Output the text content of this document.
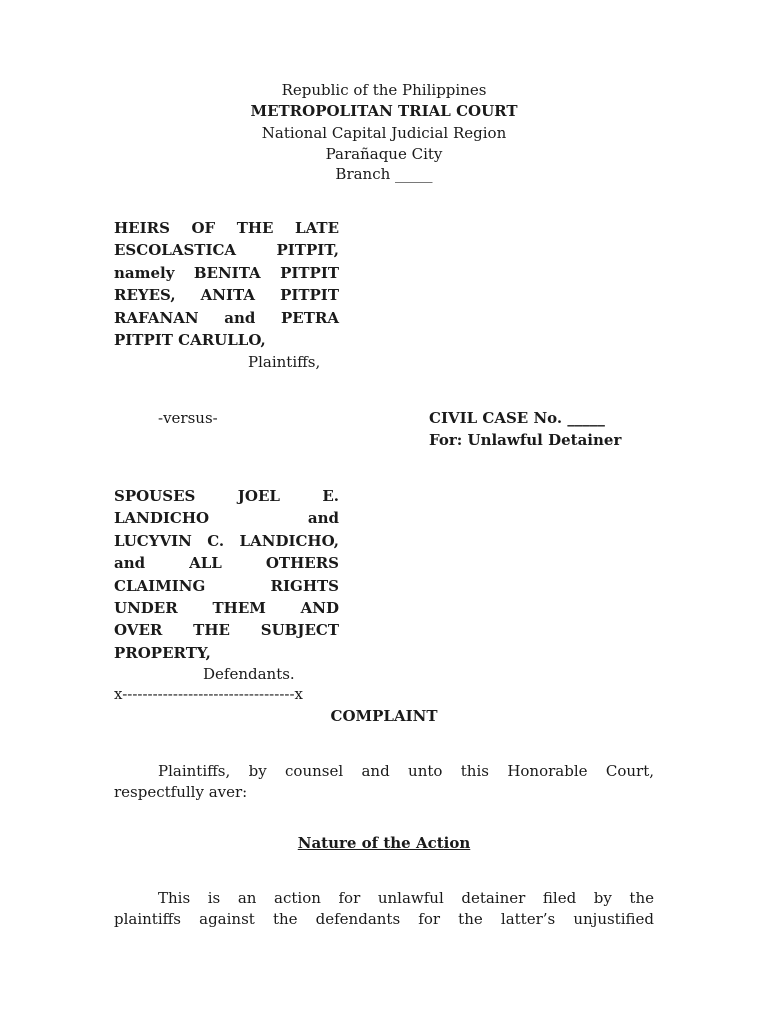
Republic of the Philippines
METROPOLITAN TRIAL COURT
National Capital Judicial Region
Parañaque City
Branch _____
HEIRS OF THE LATE
ESCOLASTICA PITPIT,
namely BENITA PITPIT
REYES, ANITA PITPIT
RAFANAN and PETRA
PITPIT CARULLO,
Plaintiffs,
-versus-	CIVIL CASE No. _____
For: Unlawful Detainer
SPOUSES JOEL E.
LANDICHO and
LUCYVIN C. LANDICHO,
and ALL OTHERS
CLAIMING RIGHTS
UNDER THEM AND
OVER THE SUBJECT
PROPERTY,
Defendants.
x----------------------------------x
COMPLAINT
Plaintiffs, by counsel and unto this Honorable Court,
respectfully aver:
Nature of the Action
This is an action for unlawful detainer filed by the
plaintiffs against the defendants for the latter’s unjustified
